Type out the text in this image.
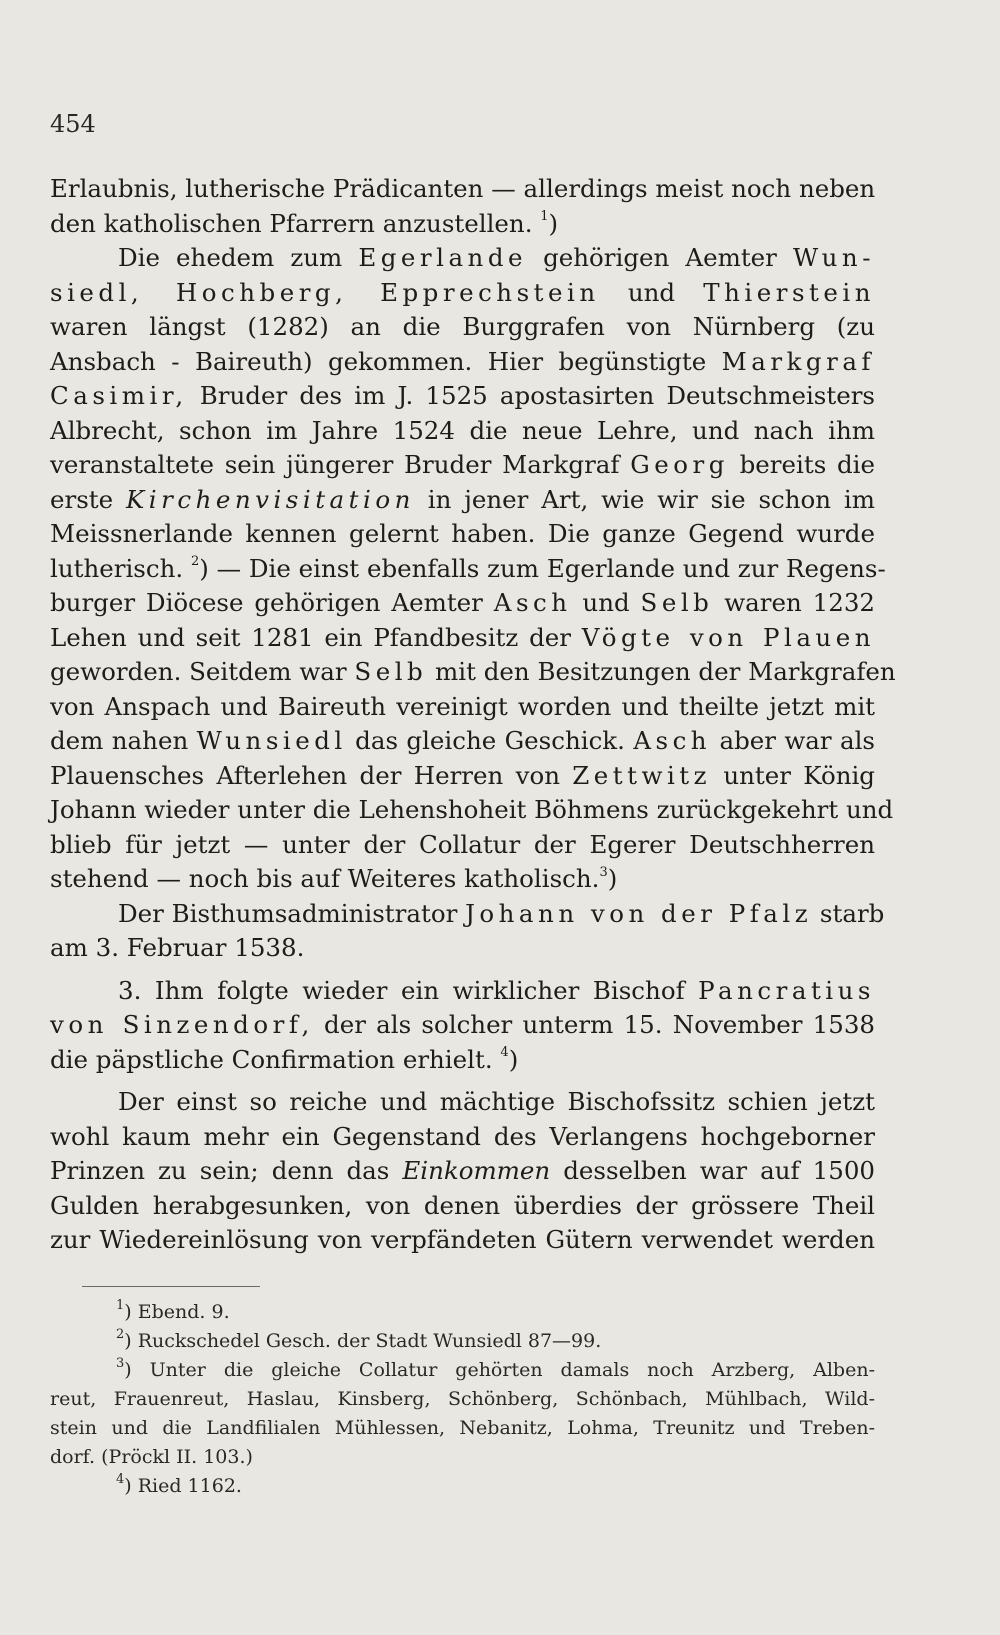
454
Erlaubnis, lutherische Prädicanten — allerdings meist noch neben
den katholischen Pfarrern anzustellen. $^1$)
Die ehedem zum Egerlande gehörigen Aemter Wun-
siedl, Hochberg, Epprechstein und Thierstein
waren längst (1282) an die Burggrafen von Nürnberg (zu
Ansbach - Baireuth) gekommen. Hier begünstigte Markgraf
Casimir, Bruder des im J. 1525 apostasirten Deutschmeisters
Albrecht, schon im Jahre 1524 die neue Lehre, und nach ihm
veranstaltete sein jüngerer Bruder Markgraf Georg bereits die
erste Kirchenvisitation in jener Art, wie wir sie schon im
Meissnerlande kennen gelernt haben. Die ganze Gegend wurde
lutherisch. $^2$) — Die einst ebenfalls zum Egerlande und zur Regens-
burger Diöcese gehörigen Aemter Asch und Selb waren 1232
Lehen und seit 1281 ein Pfandbesitz der Vögte von Plauen
geworden. Seitdem war Selb mit den Besitzungen der Markgrafen
von Anspach und Baireuth vereinigt worden und theilte jetzt mit
dem nahen Wunsiedl das gleiche Geschick. Asch aber war als
Plauensches Afterlehen der Herren von Zettwitz unter König
Johann wieder unter die Lehenshoheit Böhmens zurückgekehrt und
blieb für jetzt — unter der Collatur der Egerer Deutschherren
stehend — noch bis auf Weiteres katholisch.$^3$)
Der Bisthumsadministrator Johann von der Pfalz starb
am 3. Februar 1538.
3. Ihm folgte wieder ein wirklicher Bischof Pancratius
von Sinzendorf, der als solcher unterm 15. November 1538
die päpstliche Confirmation erhielt. $^4$)
Der einst so reiche und mächtige Bischofssitz schien jetzt
wohl kaum mehr ein Gegenstand des Verlangens hochgeborner
Prinzen zu sein; denn das Einkommen desselben war auf 1500
Gulden herabgesunken, von denen überdies der grössere Theil
zur Wiedereinlösung von verpfändeten Gütern verwendet werden
$^1$) Ebend. 9.
$^2$) Ruckschedel Gesch. der Stadt Wunsiedl 87—99.
$^3$) Unter die gleiche Collatur gehörten damals noch Arzberg, Alben-
reut, Frauenreut, Haslau, Kinsberg, Schönberg, Schönbach, Mühlbach, Wild-
stein und die Landfilialen Mühlessen, Nebanitz, Lohma, Treunitz und Treben-
dorf. (Pröckl II. 103.)
$^4$) Ried 1162.
